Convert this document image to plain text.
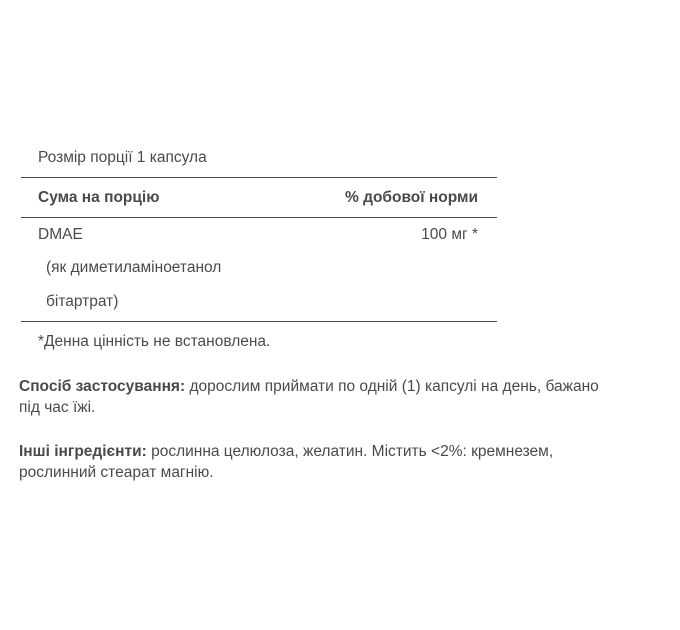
Розмір порції 1 капсула
Сума на порцію	% добової норми
DMAE	100 мг *
(як диметиламіноетанол
бітартрат)
*Денна цінність не встановлена.
Спосіб застосування: дорослим приймати по одній (1) капсулі на день, бажано під час їжі.
Інші інгредієнти: рослинна целюлоза, желатин. Містить <2%: кремнезем, рослинний стеарат магнію.
